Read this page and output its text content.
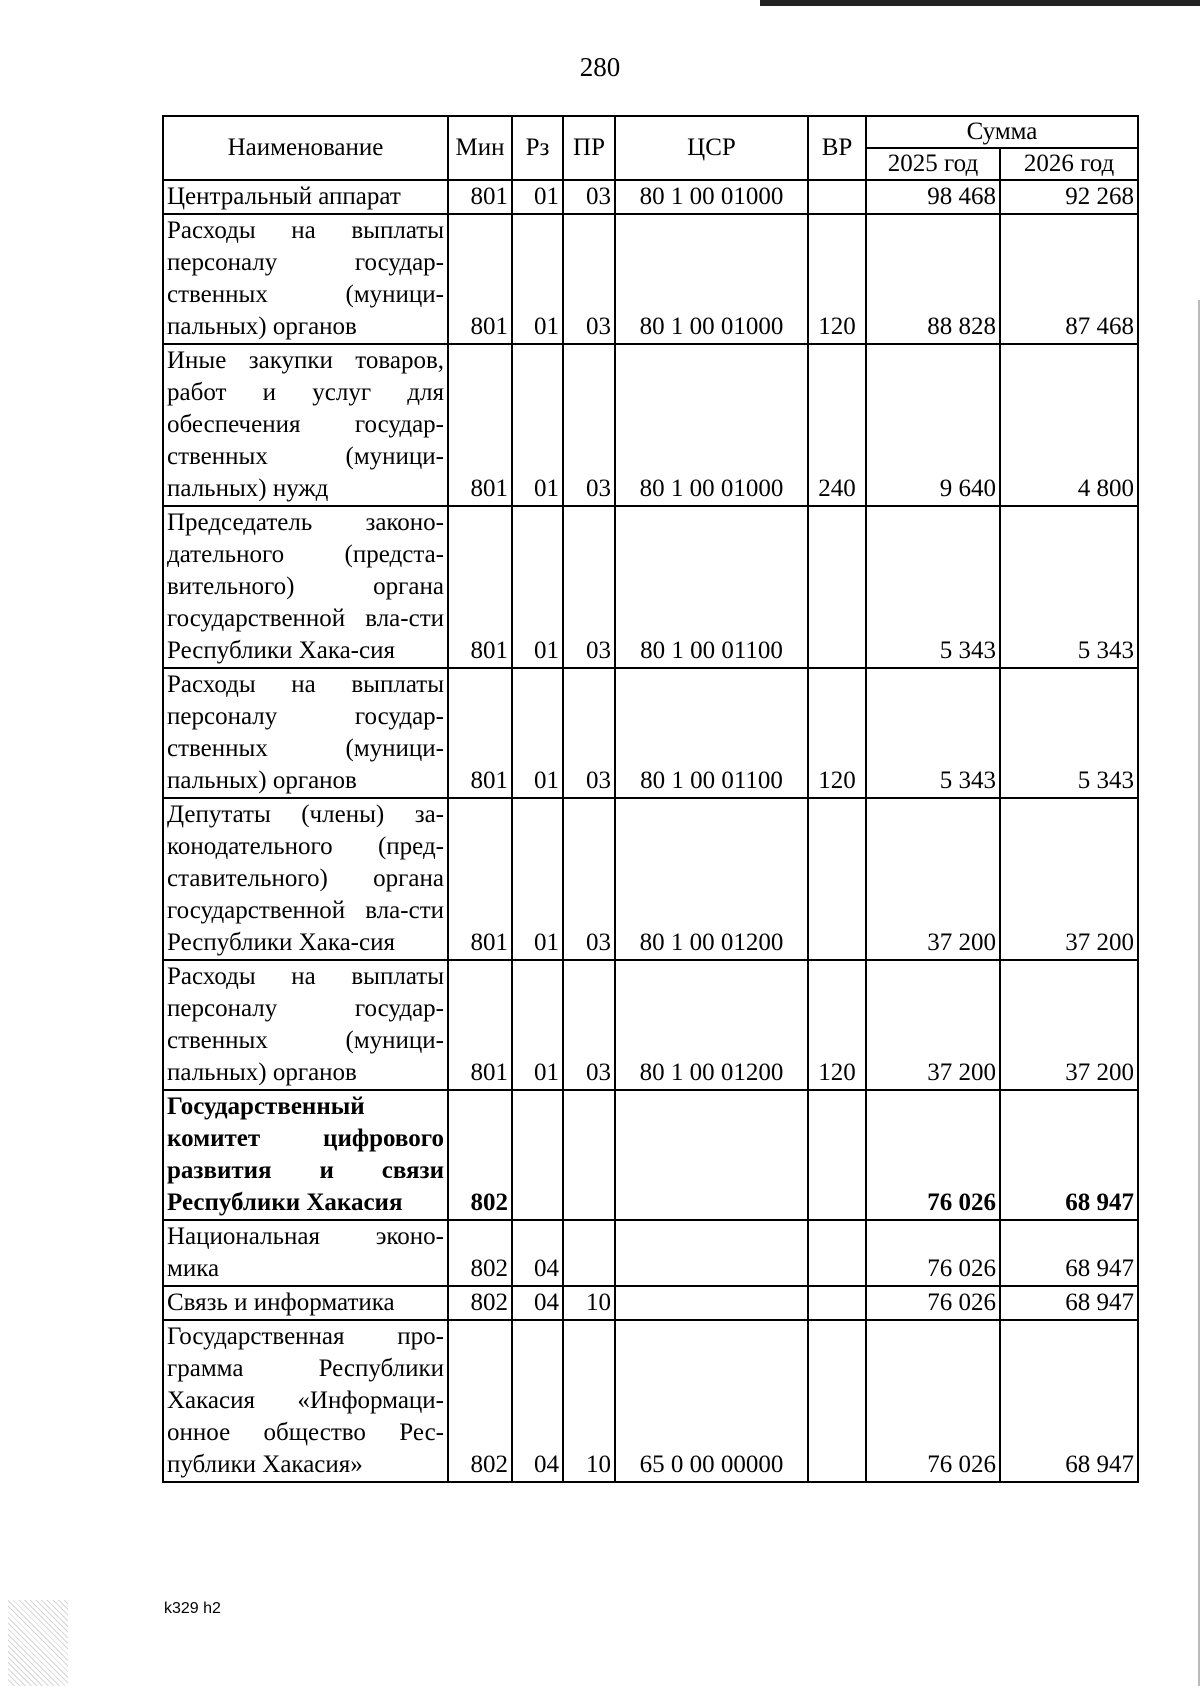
280
Наименование	Мин	Рз	ПР	ЦСР	ВР	Сумма	
						2025 год	2026 год
Центральный аппарат	801	01	03	80 1 00 01000		98 468	92 268
Расходы на выплаты персоналу государ-ственных (муници-пальных) органов	801	01	03	80 1 00 01000	120	88 828	87 468
Иные закупки товаров, работ и услуг для обеспечения государ-ственных (муници-пальных) нужд	801	01	03	80 1 00 01000	240	9 640	4 800
Председатель законо-дательного (предста-вительного) органа государственной вла-сти Республики Хака-сия	801	01	03	80 1 00 01100		5 343	5 343
Расходы на выплаты персоналу государ-ственных (муници-пальных) органов	801	01	03	80 1 00 01100	120	5 343	5 343
Депутаты (члены) за-конодательного (пред-ставительного) органа государственной вла-сти Республики Хака-сия	801	01	03	80 1 00 01200		37 200	37 200
Расходы на выплаты персоналу государ-ственных (муници-пальных) органов	801	01	03	80 1 00 01200	120	37 200	37 200
Государственный комитет цифрового развития и связи Республики Хакасия	802					76 026	68 947
Национальная эконо-мика	802	04				76 026	68 947
Связь и информатика	802	04	10			76 026	68 947
Государственная про-грамма Республики Хакасия «Информаци-онное общество Рес-публики Хакасия»	802	04	10	65 0 00 00000		76 026	68 947
k329 h2
